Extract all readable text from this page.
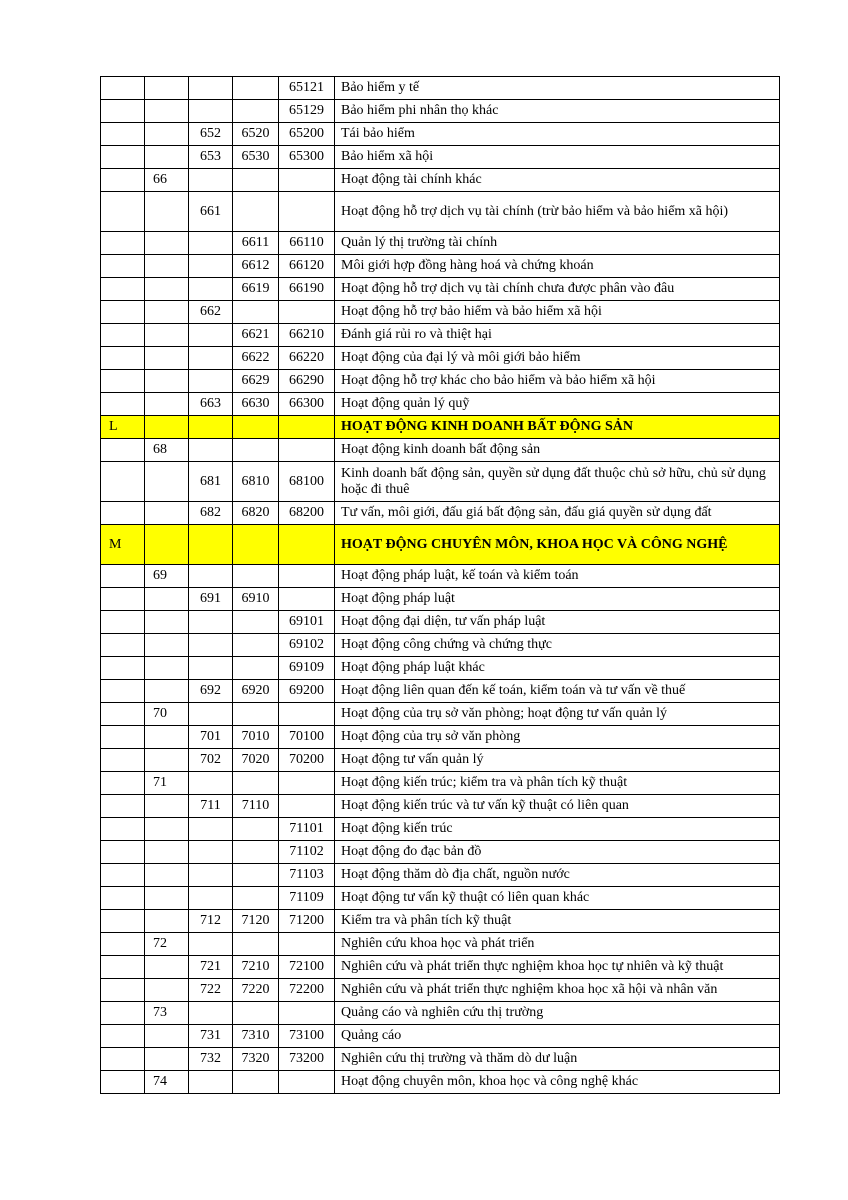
				65121	Bảo hiểm y tế
				65129	Bảo hiểm phi nhân thọ khác
		652	6520	65200	Tái bảo hiểm
		653	6530	65300	Bảo hiểm xã hội
	66				Hoạt động tài chính khác
		661			Hoạt động hỗ trợ dịch vụ tài chính (trừ bảo hiểm và bảo hiểm xã hội)
			6611	66110	Quản lý thị trường tài chính
			6612	66120	Môi giới hợp đồng hàng hoá và chứng khoán
			6619	66190	Hoạt động hỗ trợ dịch vụ tài chính chưa được phân vào đâu
		662			Hoạt động hỗ trợ bảo hiểm và bảo hiểm xã hội
			6621	66210	Đánh giá rủi ro và thiệt hại
			6622	66220	Hoạt động của đại lý và môi giới bảo hiểm
			6629	66290	Hoạt động hỗ trợ khác cho bảo hiểm và bảo hiểm xã hội
		663	6630	66300	Hoạt động quản lý quỹ
L					HOẠT ĐỘNG KINH DOANH BẤT ĐỘNG SẢN
	68				Hoạt động kinh doanh bất động sản
		681	6810	68100	Kinh doanh bất động sản, quyền sử dụng đất thuộc chủ sở hữu, chủ sử dụng hoặc đi thuê
		682	6820	68200	Tư vấn, môi giới, đấu giá bất động sản, đấu giá quyền sử dụng đất
M					HOẠT ĐỘNG CHUYÊN MÔN, KHOA HỌC VÀ CÔNG NGHỆ
	69				Hoạt động pháp luật, kế toán và kiểm toán
		691	6910		Hoạt động pháp luật
				69101	Hoạt động đại diện, tư vấn pháp luật
				69102	Hoạt động công chứng và chứng thực
				69109	Hoạt động pháp luật khác
		692	6920	69200	Hoạt động liên quan đến kế toán, kiểm toán và tư vấn về thuế
	70				Hoạt động của trụ sở văn phòng; hoạt động tư vấn quản lý
		701	7010	70100	Hoạt động của trụ sở văn phòng
		702	7020	70200	Hoạt động tư vấn quản lý
	71				Hoạt động kiến trúc; kiểm tra và phân tích kỹ thuật
		711	7110		Hoạt động kiến trúc và tư vấn kỹ thuật có liên quan
				71101	Hoạt động kiến trúc
				71102	Hoạt động đo đạc bản đồ
				71103	Hoạt động thăm dò địa chất, nguồn nước
				71109	Hoạt động tư vấn kỹ thuật có liên quan khác
		712	7120	71200	Kiểm tra và phân tích kỹ thuật
	72				Nghiên cứu khoa học và phát triển
		721	7210	72100	Nghiên cứu và phát triển thực nghiệm khoa học tự nhiên và kỹ thuật
		722	7220	72200	Nghiên cứu và phát triển thực nghiệm khoa học xã hội và nhân văn
	73				Quảng cáo và nghiên cứu thị trường
		731	7310	73100	Quảng cáo
		732	7320	73200	Nghiên cứu thị trường và thăm dò dư luận
	74				Hoạt động chuyên môn, khoa học và công nghệ khác
